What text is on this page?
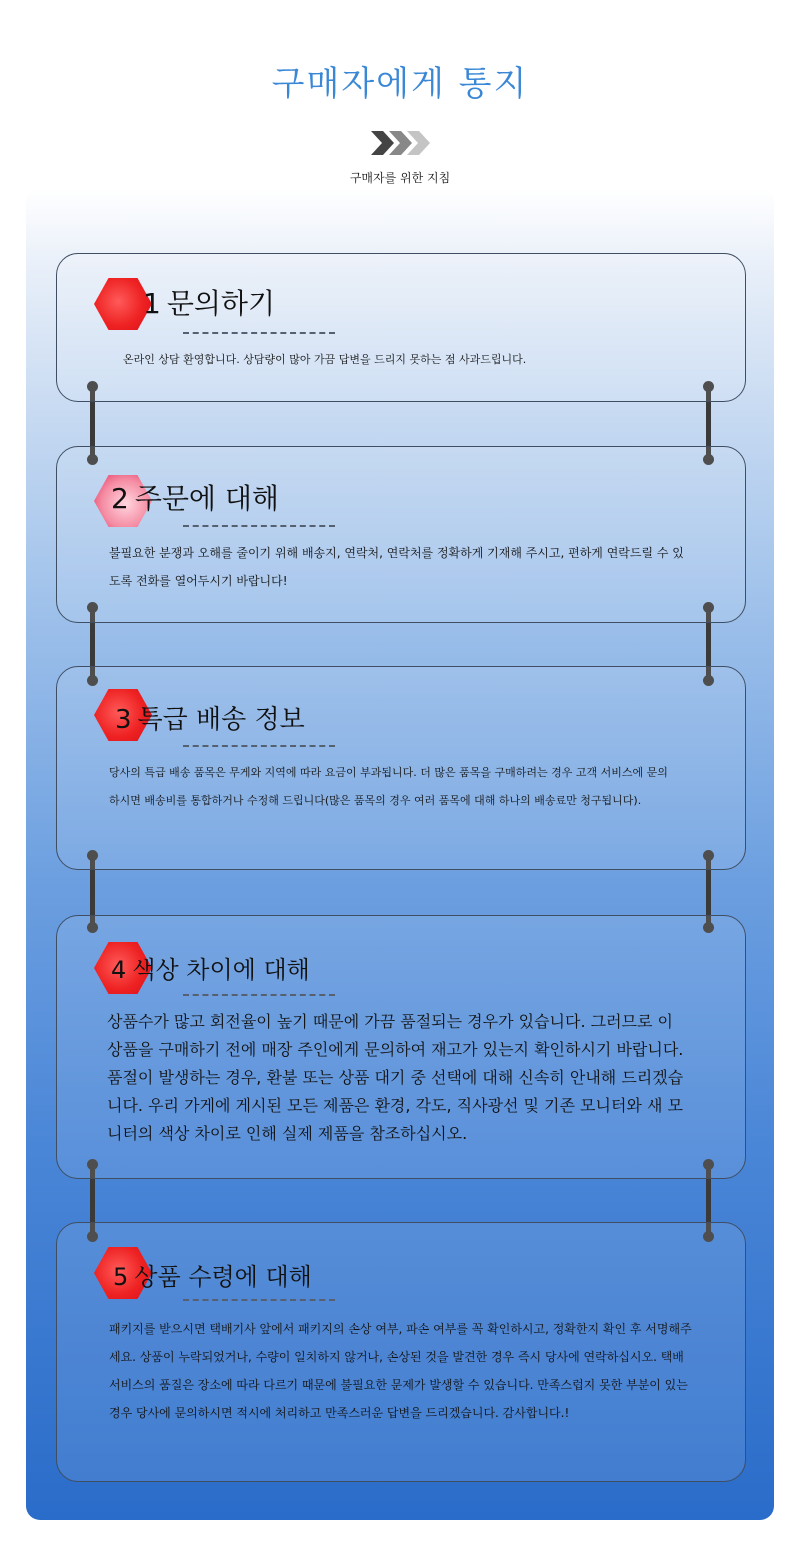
구매자에게 통지
구매자를 위한 지침
1 문의하기
온라인 상담 환영합니다. 상담량이 많아 가끔 답변을 드리지 못하는 점 사과드립니다.
2 주문에 대해
불필요한 분쟁과 오해를 줄이기 위해 배송지, 연락처, 연락처를 정확하게 기재해 주시고, 편하게 연락드릴 수 있도록 전화를 열어두시기 바랍니다!
3 특급 배송 정보
당사의 특급 배송 품목은 무게와 지역에 따라 요금이 부과됩니다. 더 많은 품목을 구매하려는 경우 고객 서비스에 문의하시면 배송비를 통합하거나 수정해 드립니다(많은 품목의 경우 여러 품목에 대해 하나의 배송료만 청구됩니다).
4 색상 차이에 대해
상품수가 많고 회전율이 높기 때문에 가끔 품절되는 경우가 있습니다. 그러므로 이 상품을 구매하기 전에 매장 주인에게 문의하여 재고가 있는지 확인하시기 바랍니다. 품절이 발생하는 경우, 환불 또는 상품 대기 중 선택에 대해 신속히 안내해 드리겠습니다. 우리 가게에 게시된 모든 제품은 환경, 각도, 직사광선 및 기존 모니터와 새 모니터의 색상 차이로 인해 실제 제품을 참조하십시오.
5 상품 수령에 대해
패키지를 받으시면 택배기사 앞에서 패키지의 손상 여부, 파손 여부를 꼭 확인하시고, 정확한지 확인 후 서명해주세요. 상품이 누락되었거나, 수량이 일치하지 않거나, 손상된 것을 발견한 경우 즉시 당사에 연락하십시오. 택배 서비스의 품질은 장소에 따라 다르기 때문에 불필요한 문제가 발생할 수 있습니다. 만족스럽지 못한 부분이 있는 경우 당사에 문의하시면 적시에 처리하고 만족스러운 답변을 드리겠습니다. 감사합니다.!
